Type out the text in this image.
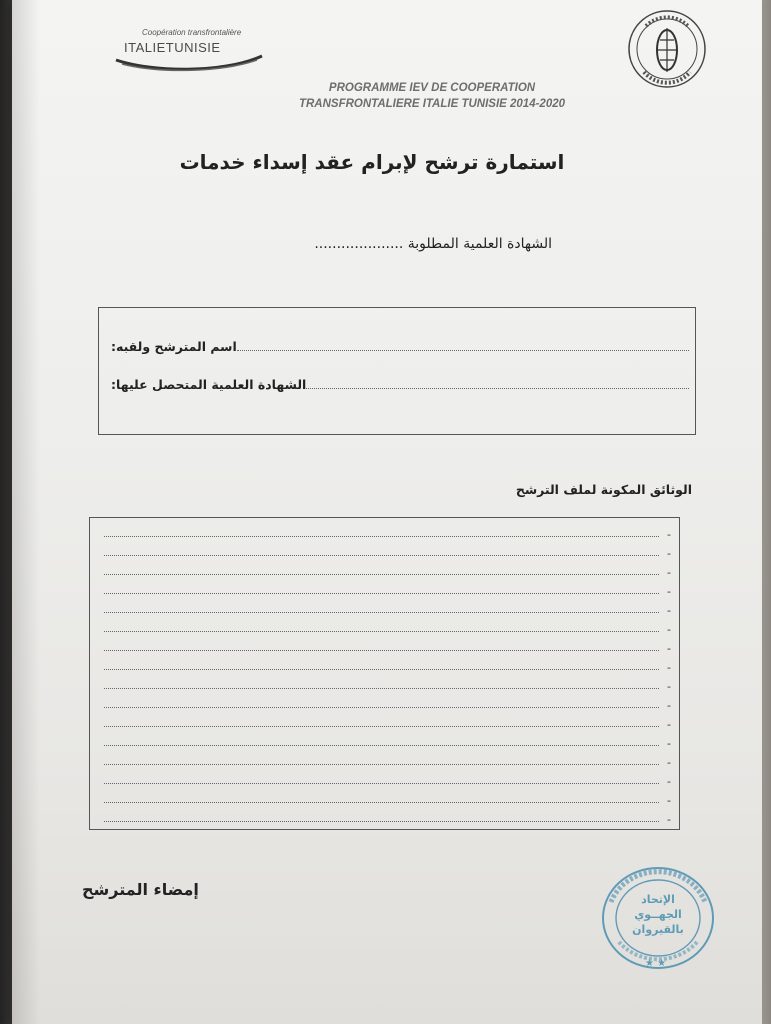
Coopération transfrontalière
ITALIETUNISIE
PROGRAMME IEV DE COOPERATION
TRANSFRONTALIERE ITALIE TUNISIE 2014-2020
استمارة ترشح لإبرام عقد إسداء خدمات
الشهادة العلمية المطلوبة ....................
اسم المترشح ولقبه:
الشهادة العلمية المتحصل عليها:
الوثائق المكونة لملف الترشح
-
-
-
-
-
-
-
-
-
-
-
-
-
-
-
-
إمضاء المترشح
★ ★
الإتحاد الجهــوي بالقيروان
